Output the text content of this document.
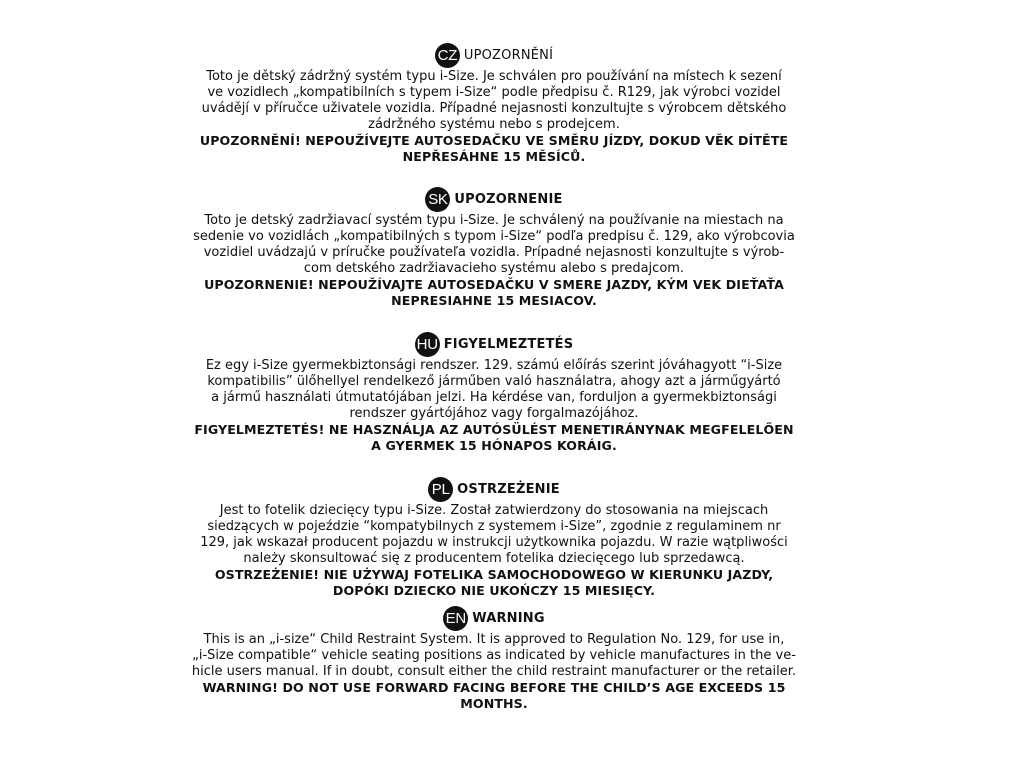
CZ UPOZORNĚNÍ
Toto je dětský zádržný systém typu i-Size. Je schválen pro používání na místech k sezení
ve vozidlech „kompatibilních s typem i-Size“ podle předpisu č. R129, jak výrobci vozidel
uvádějí v příručce uživatele vozidla. Případné nejasnosti konzultujte s výrobcem dětského
zádržného systému nebo s prodejcem.
UPOZORNĚNÍ! NEPOUŽÍVEJTE AUTOSEDAČKU VE SMĚRU JÍZDY, DOKUD VĚK DÍTĚTE
NEPŘESÁHNE 15 MĚSÍCŮ.
SK UPOZORNENIE
Toto je detský zadržiavací systém typu i-Size. Je schválený na používanie na miestach na
sedenie vo vozidlách „kompatibilných s typom i-Size“ podľa predpisu č. 129, ako výrobcovia
vozidiel uvádzajú v príručke používateľa vozidla. Prípadné nejasnosti konzultujte s výrob-
com detského zadržiavacieho systému alebo s predajcom.
UPOZORNENIE! NEPOUŽÍVAJTE AUTOSEDAČKU V SMERE JAZDY, KÝM VEK DIEŤAŤA
NEPRESIAHNE 15 MESIACOV.
HU FIGYELMEZTETÉS
Ez egy i-Size gyermekbiztonsági rendszer. 129. számú előírás szerint jóváhagyott “i-Size
kompatibilis” ülőhellyel rendelkező járműben való használatra, ahogy azt a járműgyártó
a jármű használati útmutatójában jelzi. Ha kérdése van, forduljon a gyermekbiztonsági
rendszer gyártójához vagy forgalmazójához.
FIGYELMEZTETÉS! NE HASZNÁLJA AZ AUTÓSÜLÉST MENETIRÁNYNAK MEGFELELŐEN
A GYERMEK 15 HÓNAPOS KORÁIG.
PL OSTRZEŻENIE
Jest to fotelik dziecięcy typu i-Size. Został zatwierdzony do stosowania na miejscach
siedzących w pojeździe “kompatybilnych z systemem i-Size”, zgodnie z regulaminem nr
129, jak wskazał producent pojazdu w instrukcji użytkownika pojazdu. W razie wątpliwości
należy skonsultować się z producentem fotelika dziecięcego lub sprzedawcą.
OSTRZEŻENIE! NIE UŻYWAJ FOTELIKA SAMOCHODOWEGO W KIERUNKU JAZDY,
DOPÓKI DZIECKO NIE UKOŃCZY 15 MIESIĘCY.
EN WARNING
This is an „i-size“ Child Restraint System. It is approved to Regulation No. 129, for use in,
„i-Size compatible“ vehicle seating positions as indicated by vehicle manufactures in the ve-
hicle users manual. If in doubt, consult either the child restraint manufacturer or the retailer.
WARNING! DO NOT USE FORWARD FACING BEFORE THE CHILD’S AGE EXCEEDS 15
MONTHS.
